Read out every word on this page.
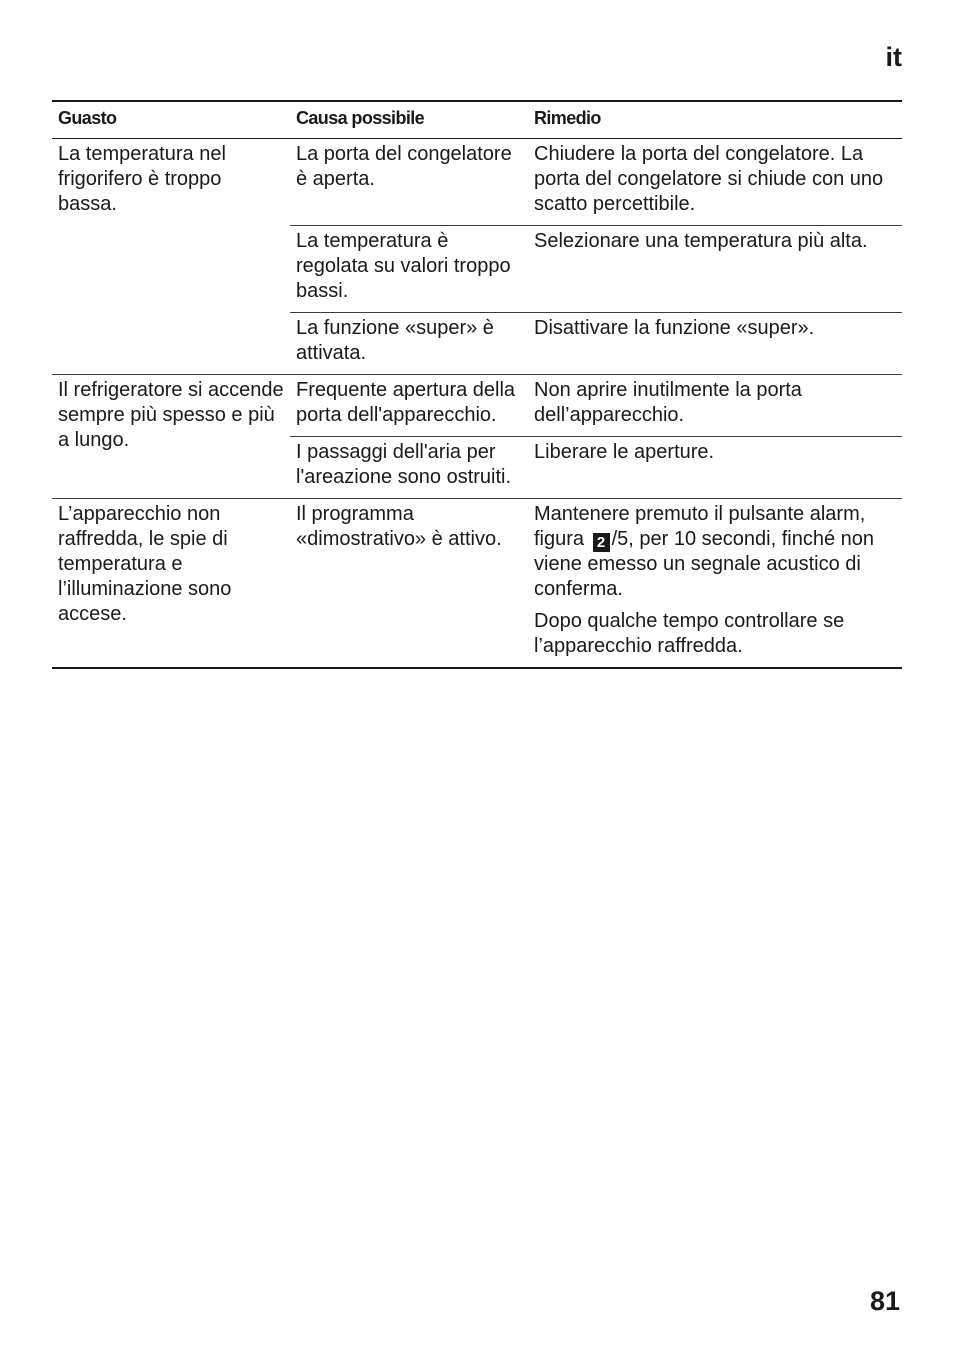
it
Guasto	Causa possibile	Rimedio
La temperatura nel frigorifero è troppo bassa.	La porta del congelatore è aperta.	Chiudere la porta del congelatore. La porta del congelatore si chiude con uno scatto percettibile.
	La temperatura è regolata su valori troppo bassi.	Selezionare una temperatura più alta.
	La funzione «super» è attivata.	Disattivare la funzione «super».
Il refrigeratore si accende sempre più spesso e più a lungo.	Frequente apertura della porta dell'apparecchio.	Non aprire inutilmente la porta dell’apparecchio.
	I passaggi dell'aria per l'areazione sono ostruiti.	Liberare le aperture.
L’apparecchio non raffredda, le spie di temperatura e l’illuminazione sono accese.	Il programma «dimostrativo» è attivo.	Mantenere premuto il pulsante alarm, figura 2 /5, per 10 secondi, finché non viene emesso un segnale acustico di conferma.
Dopo qualche tempo controllare se l’apparecchio raffredda.
81
